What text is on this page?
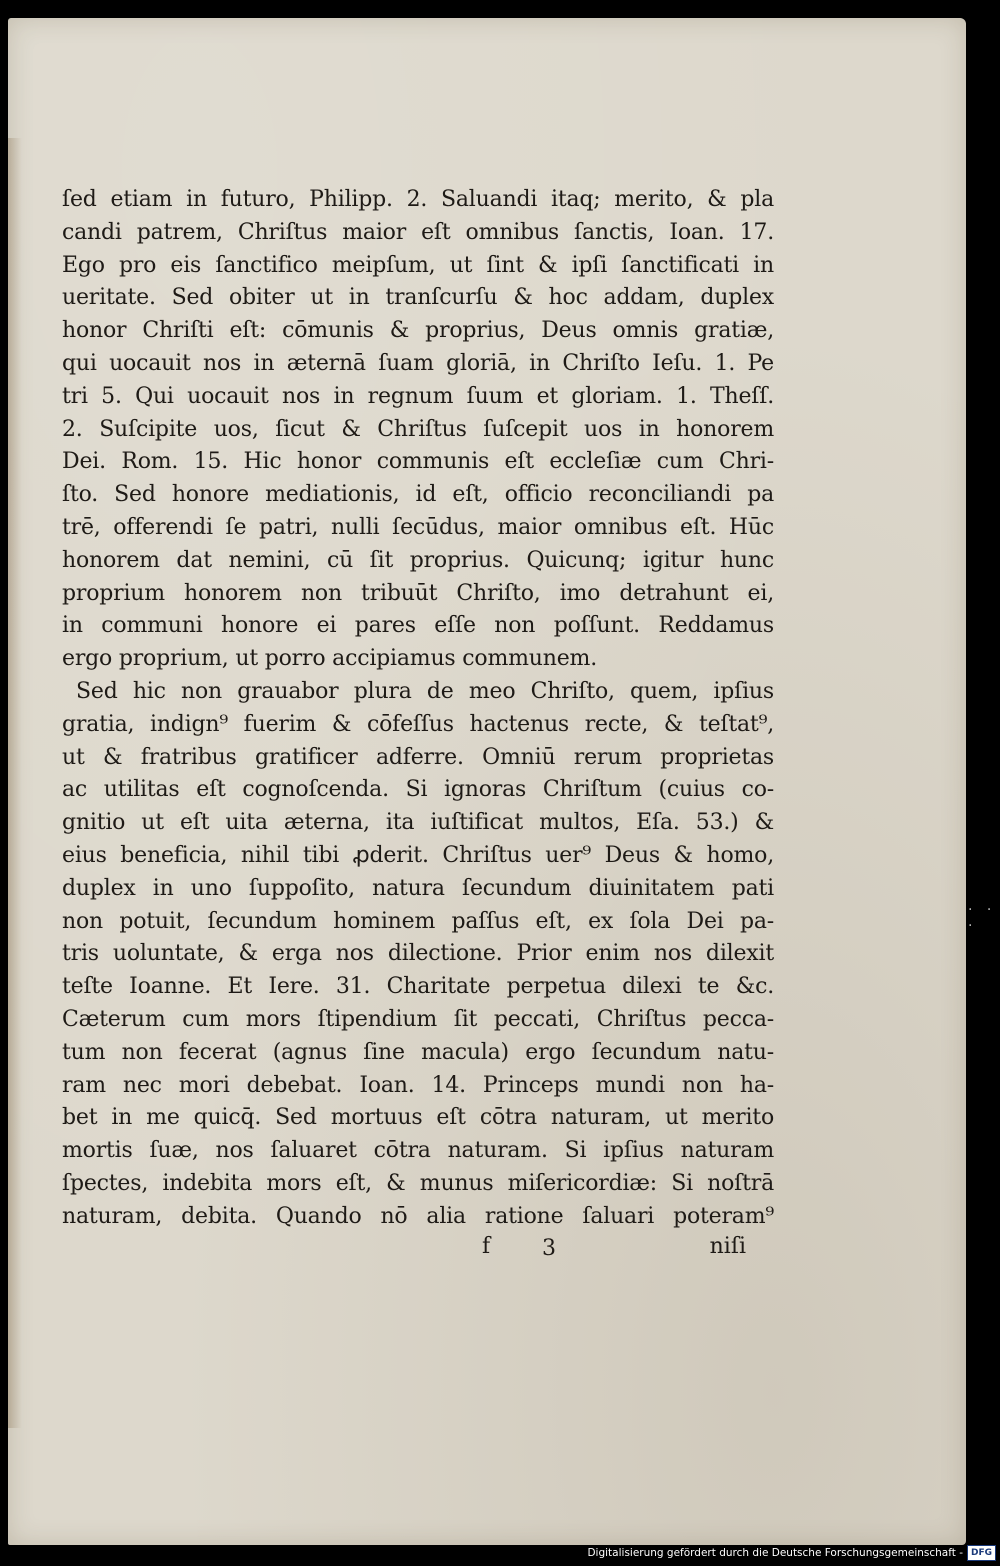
ſed etiam in futuro, Philipp. 2. Saluandi itaq; merito, & pla
candi patrem, Chriſtus maior eſt omnibus ſanctis, Ioan. 17.
Ego pro eis ſanctifico meipſum, ut ſint & ipſi ſanctificati in
ueritate. Sed obiter ut in tranſcurſu & hoc addam, duplex
honor Chriſti eſt: cōmunis & proprius, Deus omnis gratiæ,
qui uocauit nos in æternā ſuam gloriā, in Chriſto Ieſu. 1. Pe
tri 5. Qui uocauit nos in regnum ſuum et gloriam. 1. Theſſ.
2. Suſcipite uos, ſicut & Chriſtus ſuſcepit uos in honorem
Dei. Rom. 15. Hic honor communis eſt eccleſiæ cum Chri-
ſto. Sed honore mediationis, id eſt, officio reconciliandi pa
trē, offerendi ſe patri, nulli ſecūdus, maior omnibus eſt. Hūc
honorem dat nemini, cū ſit proprius. Quicunq; igitur hunc
proprium honorem non tribuūt Chriſto, imo detrahunt ei,
in communi honore ei pares eſſe non poſſunt. Reddamus
ergo proprium, ut porro accipiamus communem.
Sed hic non grauabor plura de meo Chriſto, quem, ipſius
gratia, indign⁹ fuerim & cōfeſſus hactenus recte, & teſtat⁹,
ut & fratribus gratificer adferre. Omniū rerum proprietas
ac utilitas eſt cognoſcenda. Si ignoras Chriſtum (cuius co-
gnitio ut eſt uita æterna, ita iuſtificat multos, Eſa. 53.) &
eius beneficia, nihil tibi ꝓderit. Chriſtus uer⁹ Deus & homo,
duplex in uno ſuppoſito, natura ſecundum diuinitatem pati
non potuit, ſecundum hominem paſſus eſt, ex ſola Dei pa-
tris uoluntate, & erga nos dilectione. Prior enim nos dilexit
teſte Ioanne. Et Iere. 31. Charitate perpetua dilexi te &c.
Cæterum cum mors ſtipendium ſit peccati, Chriſtus pecca-
tum non fecerat (agnus ſine macula) ergo ſecundum natu-
ram nec mori debebat. Ioan. 14. Princeps mundi non ha-
bet in me quicq̄. Sed mortuus eſt cōtra naturam, ut merito
mortis ſuæ, nos ſaluaret cōtra naturam. Si ipſius naturam
ſpectes, indebita mors eſt, & munus miſericordiæ: Si noſtrā
naturam, debita. Quando nō alia ratione ſaluari poteram⁹
f 3	niſi
· · ·
Digitalisierung gefördert durch die Deutsche Forschungsgemeinschaft - DFG
